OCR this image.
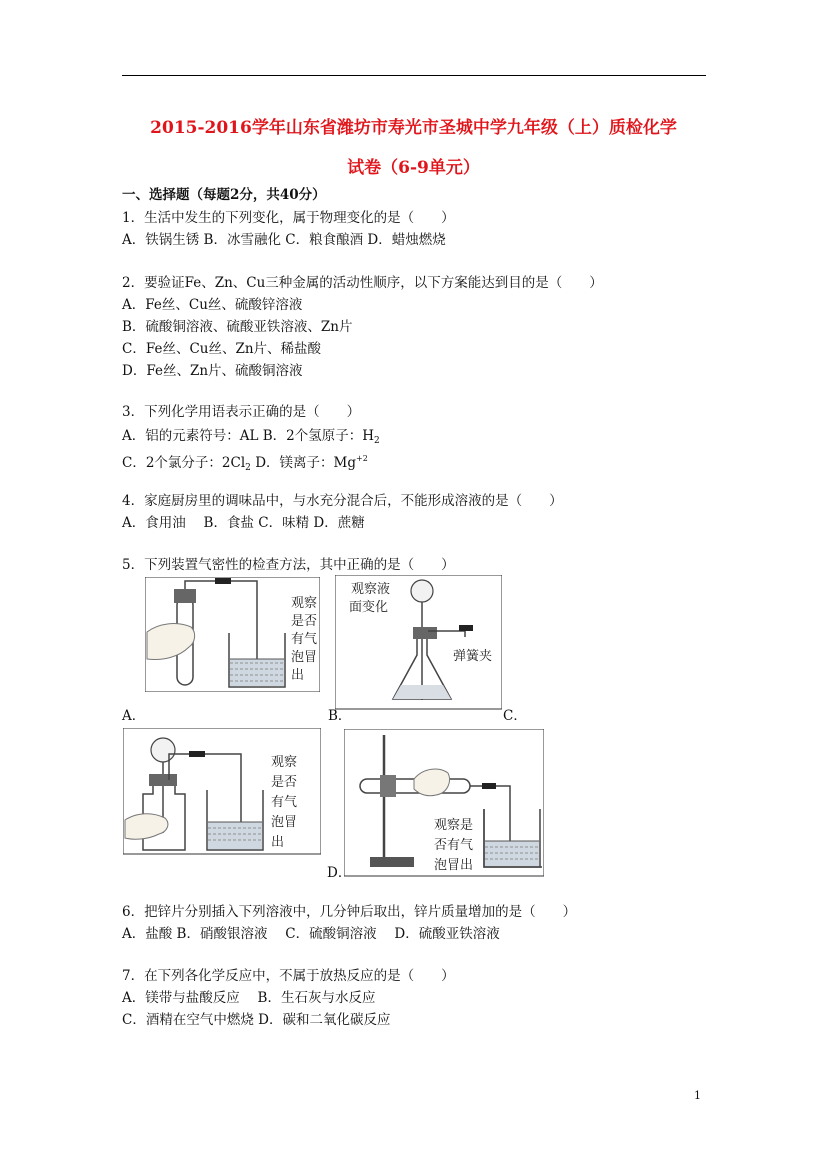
2015-2016学年山东省潍坊市寿光市圣城中学九年级（上）质检化学
试卷（6-9单元）
一、选择题（每题2分，共40分）
1．生活中发生的下列变化，属于物理变化的是（　　）
A．铁锅生锈 B．冰雪融化 C．粮食酿酒 D．蜡烛燃烧
2．要验证Fe、Zn、Cu三种金属的活动性顺序，以下方案能达到目的是（　　）
A．Fe丝、Cu丝、硫酸锌溶液
B．硫酸铜溶液、硫酸亚铁溶液、Zn片
C．Fe丝、Cu丝、Zn片、稀盐酸
D．Fe丝、Zn片、硫酸铜溶液
3．下列化学用语表示正确的是（　　）
A．铝的元素符号：AL B．2个氢原子：$H_2$
C．2个氯分子：$2Cl_2$ D．镁离子：$Mg^{+2}$
4．家庭厨房里的调味品中，与水充分混合后，不能形成溶液的是（　　）
A．食用油　 B．食盐 C．味精 D．蔗糖
5．下列装置气密性的检查方法，其中正确的是（　　）
观察
是否
有气
泡冒
出
观察液
面变化
弹簧夹
A．	B．	C．
观察
是否
有气
泡冒
出
观察是
否有气
泡冒出
D．
6．把锌片分别插入下列溶液中，几分钟后取出，锌片质量增加的是（　　）
A．盐酸 B．硝酸银溶液　 C．硫酸铜溶液　 D．硫酸亚铁溶液
7．在下列各化学反应中，不属于放热反应的是（　　）
A．镁带与盐酸反应　 B．生石灰与水反应
C．酒精在空气中燃烧 D．碳和二氧化碳反应
1
